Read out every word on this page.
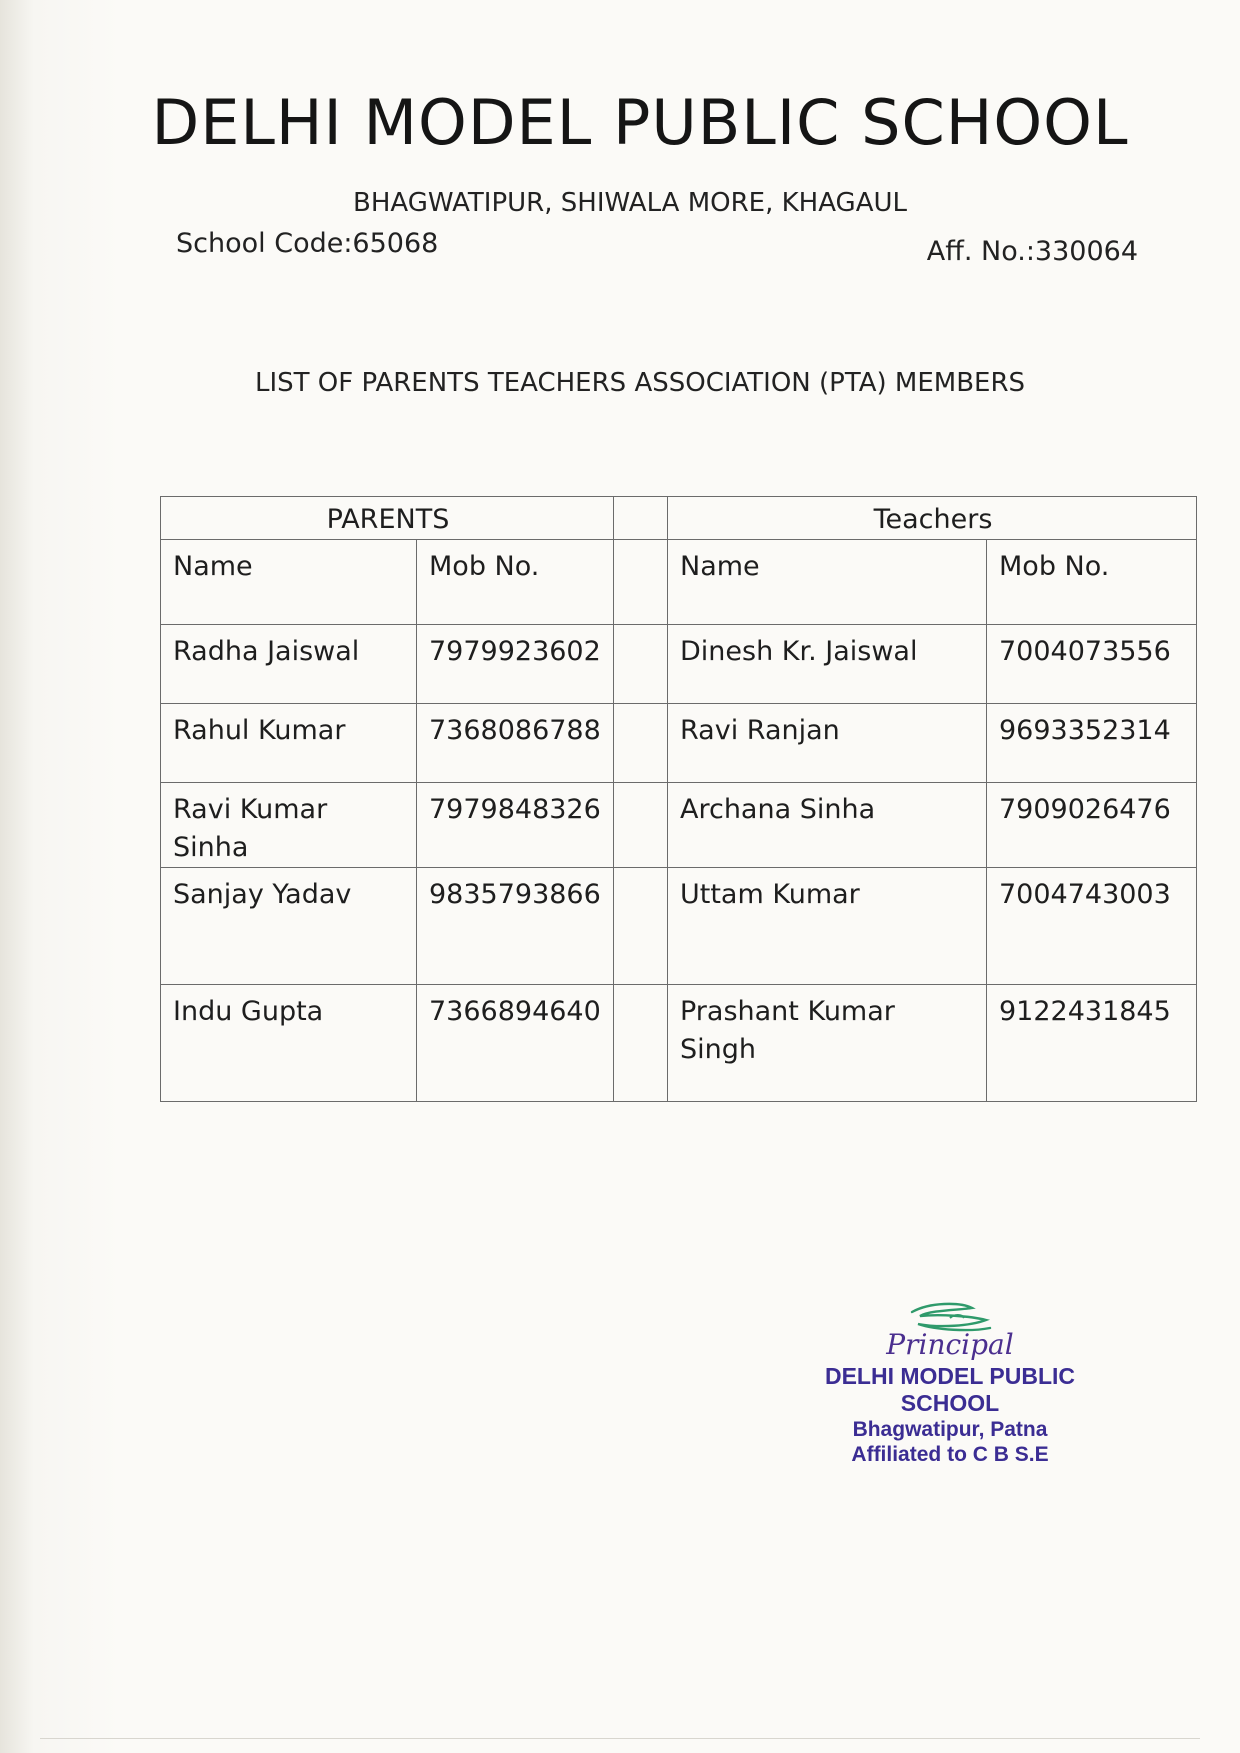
DELHI MODEL PUBLIC SCHOOL
BHAGWATIPUR, SHIWALA MORE, KHAGAUL
School Code:65068	Aff. No.:330064
LIST OF PARENTS TEACHERS ASSOCIATION (PTA) MEMBERS
PARENTS			Teachers	
Name	Mob No.		Name	Mob No.
Radha Jaiswal	7979923602		Dinesh Kr. Jaiswal	7004073556
Rahul Kumar	7368086788		Ravi Ranjan	9693352314
Ravi Kumar Sinha	7979848326		Archana Sinha	7909026476
Sanjay Yadav	9835793866		Uttam Kumar	7004743003
Indu Gupta	7366894640		Prashant Kumar Singh	9122431845
Principal
DELHI MODEL PUBLIC SCHOOL
Bhagwatipur, Patna
Affiliated to C B S.E
